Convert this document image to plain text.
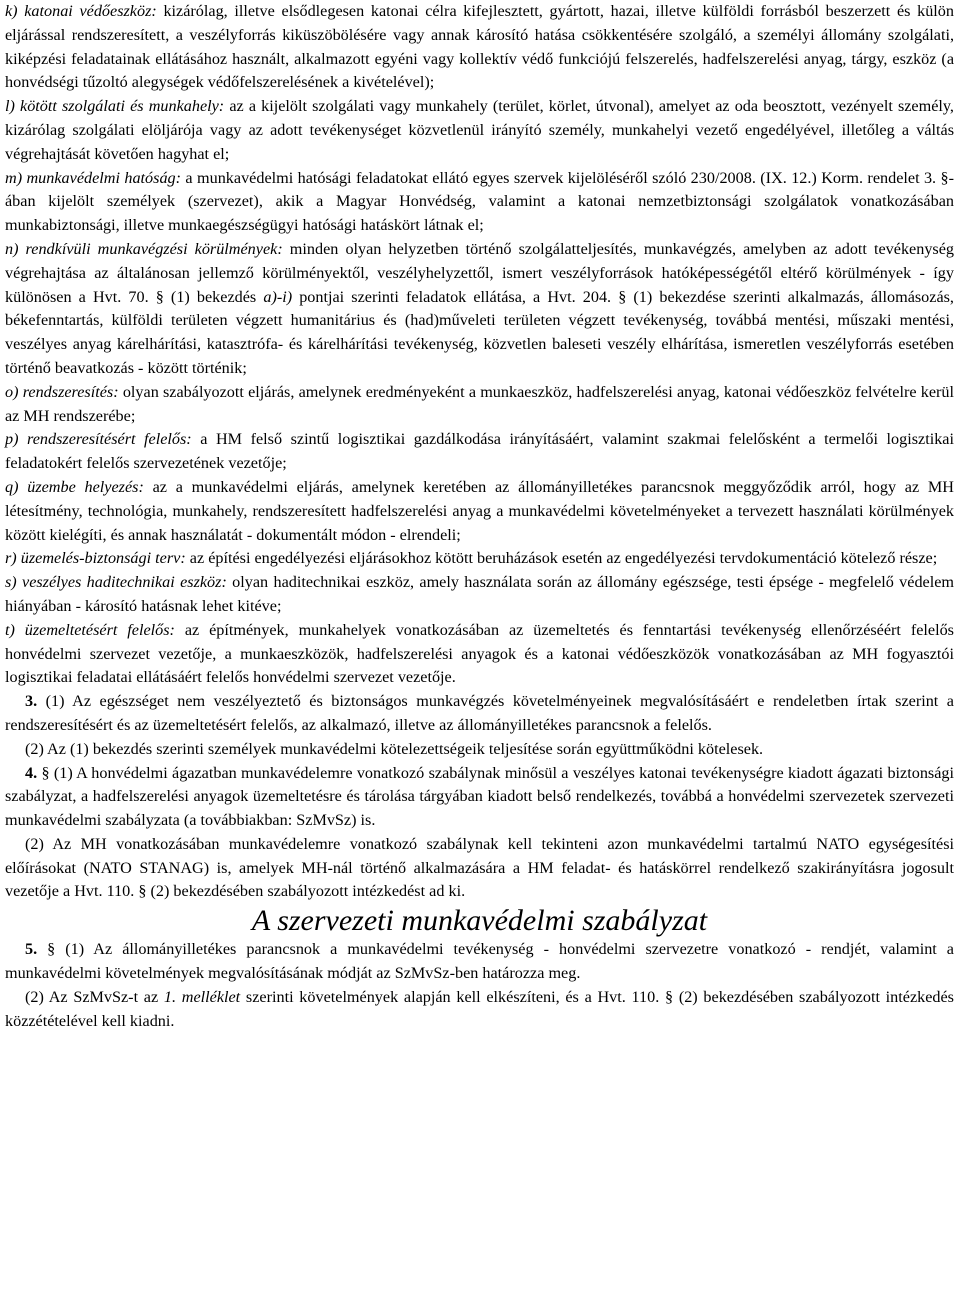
k) katonai védőeszköz: kizárólag, illetve elsődlegesen katonai célra kifejlesztett, gyártott, hazai, illetve külföldi forrásból beszerzett és külön eljárással rendszeresített, a veszélyforrás kiküszöbölésére vagy annak károsító hatása csökkentésére szolgáló, a személyi állomány szolgálati, kiképzési feladatainak ellátásához használt, alkalmazott egyéni vagy kollektív védő funkciójú felszerelés, hadfelszerelési anyag, tárgy, eszköz (a honvédségi tűzoltó alegységek védőfelszerelésének a kivételével);

l) kötött szolgálati és munkahely: az a kijelölt szolgálati vagy munkahely (terület, körlet, útvonal), amelyet az oda beosztott, vezényelt személy, kizárólag szolgálati elöljárója vagy az adott tevékenységet közvetlenül irányító személy, munkahelyi vezető engedélyével, illetőleg a váltás végrehajtását követően hagyhat el;

m) munkavédelmi hatóság: a munkavédelmi hatósági feladatokat ellátó egyes szervek kijelöléséről szóló 230/2008. (IX. 12.) Korm. rendelet 3. §-ában kijelölt személyek (szervezet), akik a Magyar Honvédség, valamint a katonai nemzetbiztonsági szolgálatok vonatkozásában munkabiztonsági, illetve munkaegészségügyi hatósági hatáskört látnak el;

n) rendkívüli munkavégzési körülmények: minden olyan helyzetben történő szolgálatteljesítés, munkavégzés, amelyben az adott tevékenység végrehajtása az általánosan jellemző körülményektől, veszélyhelyzettől, ismert veszélyforrások hatóképességétől eltérő körülmények - így különösen a Hvt. 70. § (1) bekezdés a)-i) pontjai szerinti feladatok ellátása, a Hvt. 204. § (1) bekezdése szerinti alkalmazás, állomásozás, békefenntartás, külföldi területen végzett humanitárius és (had)műveleti területen végzett tevékenység, továbbá mentési, műszaki mentési, veszélyes anyag kárelhárítási, katasztrófa- és kárelhárítási tevékenység, közvetlen baleseti veszély elhárítása, ismeretlen veszélyforrás esetében történő beavatkozás - között történik;

o) rendszeresítés: olyan szabályozott eljárás, amelynek eredményeként a munkaeszköz, hadfelszerelési anyag, katonai védőeszköz felvételre kerül az MH rendszerébe;

p) rendszeresítésért felelős: a HM felső szintű logisztikai gazdálkodása irányításáért, valamint szakmai felelősként a termelői logisztikai feladatokért felelős szervezetének vezetője;

q) üzembe helyezés: az a munkavédelmi eljárás, amelynek keretében az állományilletékes parancsnok meggyőződik arról, hogy az MH létesítmény, technológia, munkahely, rendszeresített hadfelszerelési anyag a munkavédelmi követelményeket a tervezett használati körülmények között kielégíti, és annak használatát - dokumentált módon - elrendeli;

r) üzemelés-biztonsági terv: az építési engedélyezési eljárásokhoz kötött beruházások esetén az engedélyezési tervdokumentáció kötelező része;

s) veszélyes haditechnikai eszköz: olyan haditechnikai eszköz, amely használata során az állomány egészsége, testi épsége - megfelelő védelem hiányában - károsító hatásnak lehet kitéve;

t) üzemeltetésért felelős: az építmények, munkahelyek vonatkozásában az üzemeltetés és fenntartási tevékenység ellenőrzéséért felelős honvédelmi szervezet vezetője, a munkaeszközök, hadfelszerelési anyagok és a katonai védőeszközök vonatkozásában az MH fogyasztói logisztikai feladatai ellátásáért felelős honvédelmi szervezet vezetője.

3. (1) Az egészséget nem veszélyeztető és biztonságos munkavégzés követelményeinek megvalósításáért e rendeletben írtak szerint a rendszeresítésért és az üzemeltetésért felelős, az alkalmazó, illetve az állományilletékes parancsnok a felelős.

(2) Az (1) bekezdés szerinti személyek munkavédelmi kötelezettségeik teljesítése során együttműködni kötelesek.

4. § (1) A honvédelmi ágazatban munkavédelemre vonatkozó szabálynak minősül a veszélyes katonai tevékenységre kiadott ágazati biztonsági szabályzat, a hadfelszerelési anyagok üzemeltetésre és tárolása tárgyában kiadott belső rendelkezés, továbbá a honvédelmi szervezetek szervezeti munkavédelmi szabályzata (a továbbiakban: SzMvSz) is.

(2) Az MH vonatkozásában munkavédelemre vonatkozó szabálynak kell tekinteni azon munkavédelmi tartalmú NATO egységesítési előírásokat (NATO STANAG) is, amelyek MH-nál történő alkalmazására a HM feladat- és hatáskörrel rendelkező szakirányításra jogosult vezetője a Hvt. 110. § (2) bekezdésében szabályozott intézkedést ad ki.

A szervezeti munkavédelmi szabályzat

5. § (1) Az állományilletékes parancsnok a munkavédelmi tevékenység - honvédelmi szervezetre vonatkozó - rendjét, valamint a munkavédelmi követelmények megvalósításának módját az SzMvSz-ben határozza meg.

(2) Az SzMvSz-t az 1. melléklet szerinti követelmények alapján kell elkészíteni, és a Hvt. 110. § (2) bekezdésében szabályozott intézkedés közzétételével kell kiadni.
